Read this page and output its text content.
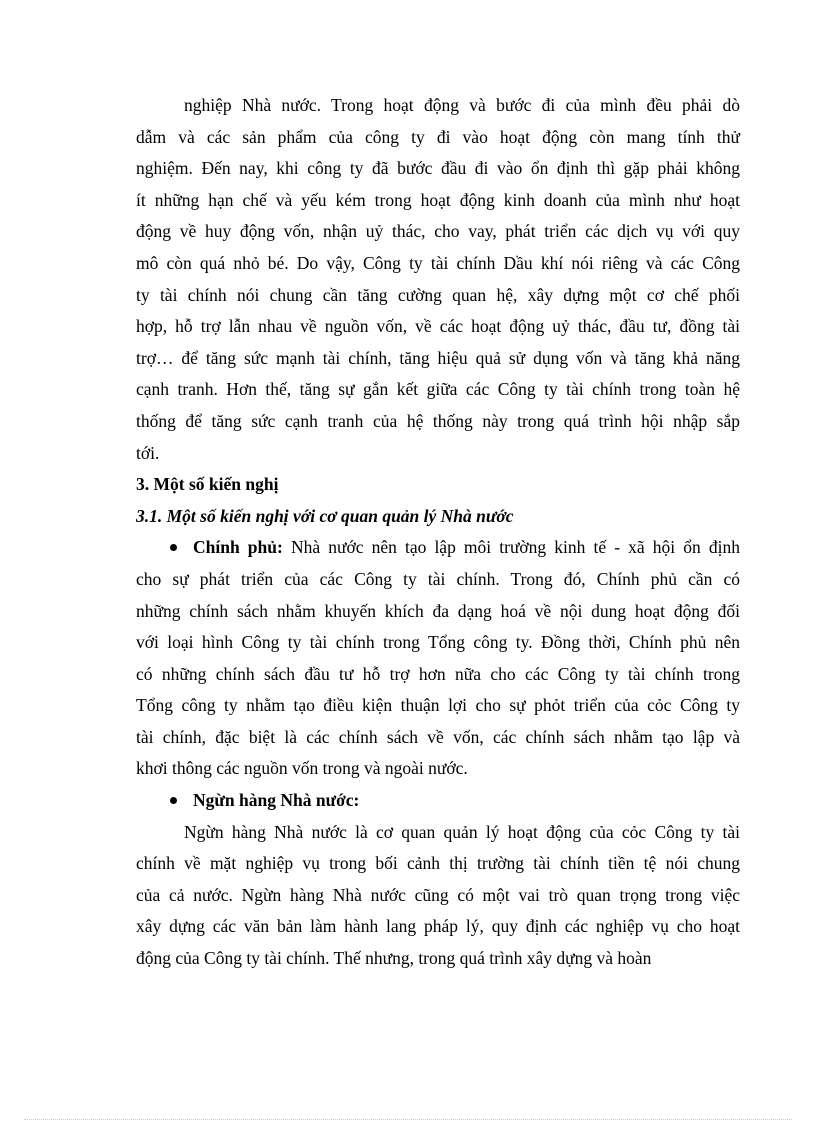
nghiệp Nhà nước. Trong hoạt động và bước đi của mình đều phải dò
dẫm và các sản phẩm của công ty đi vào hoạt động còn mang tính thử
nghiệm. Đến nay, khi công ty đã bước đầu đi vào ổn định thì gặp phải không
ít những hạn chế và yếu kém trong hoạt động kinh doanh của mình như hoạt
động về huy động vốn, nhận uỷ thác, cho vay, phát triển các dịch vụ với quy
mô còn quá nhỏ bé. Do vậy, Công ty tài chính Dầu khí nói riêng và các Công
ty tài chính nói chung cần tăng cường quan hệ, xây dựng một cơ chế phối
hợp, hỗ trợ lẫn nhau về nguồn vốn, về các hoạt động uỷ thác, đầu tư, đồng tài
trợ… để tăng sức mạnh tài chính, tăng hiệu quả sử dụng vốn và tăng khả năng
cạnh tranh. Hơn thế, tăng sự gắn kết giữa các Công ty tài chính trong toàn hệ
thống để tăng sức cạnh tranh của hệ thống này trong quá trình hội nhập sắp
tới.
3. Một số kiến nghị
3.1. Một số kiến nghị với cơ quan quản lý Nhà nước
Chính phủ: Nhà nước nên tạo lập môi trường kinh tế - xã hội ổn định
cho sự phát triển của các Công ty tài chính. Trong đó, Chính phủ cần có
những chính sách nhằm khuyến khích đa dạng hoá về nội dung hoạt động đối
với loại hình Công ty tài chính trong Tổng công ty. Đồng thời, Chính phủ nên
có những chính sách đầu tư hỗ trợ hơn nữa cho các Công ty tài chính trong
Tổng công ty nhằm tạo điều kiện thuận lợi cho sự phỏt triển của cỏc Công ty
tài chính, đặc biệt là các chính sách về vốn, các chính sách nhằm tạo lập và
khơi thông các nguồn vốn trong và ngoài nước.
Ngừn hàng Nhà nước:
Ngừn hàng Nhà nước là cơ quan quản lý hoạt động của cỏc Công ty tài
chính về mặt nghiệp vụ trong bối cảnh thị trường tài chính tiền tệ nói chung
của cả nước. Ngừn hàng Nhà nước cũng có một vai trò quan trọng trong việc
xây dựng các văn bản làm hành lang pháp lý, quy định các nghiệp vụ cho hoạt
động của Công ty tài chính. Thế nhưng, trong quá trình xây dựng và hoàn
